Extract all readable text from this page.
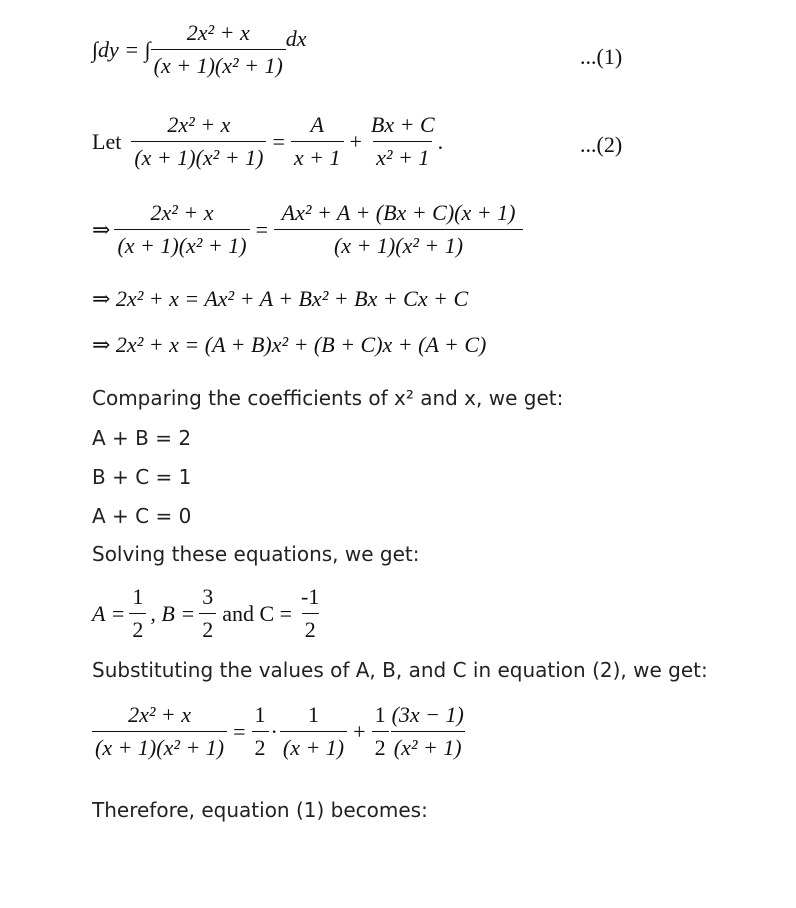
∫dy = ∫ $\frac{\text{2x² + x}}{\text{(x + 1)(x² + 1)}}$ dx
...(1)
Let $\frac{\text{2x² + x}}{\text{(x + 1)(x² + 1)}} = \frac{A}{x + 1} + \frac{Bx + C}{\text{x² + 1}}$ .	...(2)
⇒ $\frac{\text{2x² + x}}{\text{(x + 1)(x² + 1)}} = \frac{\text{Ax² + A + (Bx + C)(x + 1)}}{\text{(x + 1)(x² + 1)}}$
⇒ 2x² + x = Ax² + A + Bx² + Bx + Cx + C
⇒ 2x² + x = (A + B)x² + (B + C)x + (A + C)
Comparing the coefficients of x² and x, we get:
A + B = 2
B + C = 1
A + C = 0
Solving these equations, we get:
$A = \frac{1}{2}$ , $B = \frac{3}{2}$ and $C = \frac{-1}{2}$
Substituting the values of A, B, and C in equation (2), we get:
$\frac{\text{2x² + x}}{\text{(x + 1)(x² + 1)}} = \frac{1}{2} \cdot \frac{1}{(x + 1)} + \frac{1}{2} \frac{(3x - 1)}{\text{(x² + 1)}}$
Therefore, equation (1) becomes:
